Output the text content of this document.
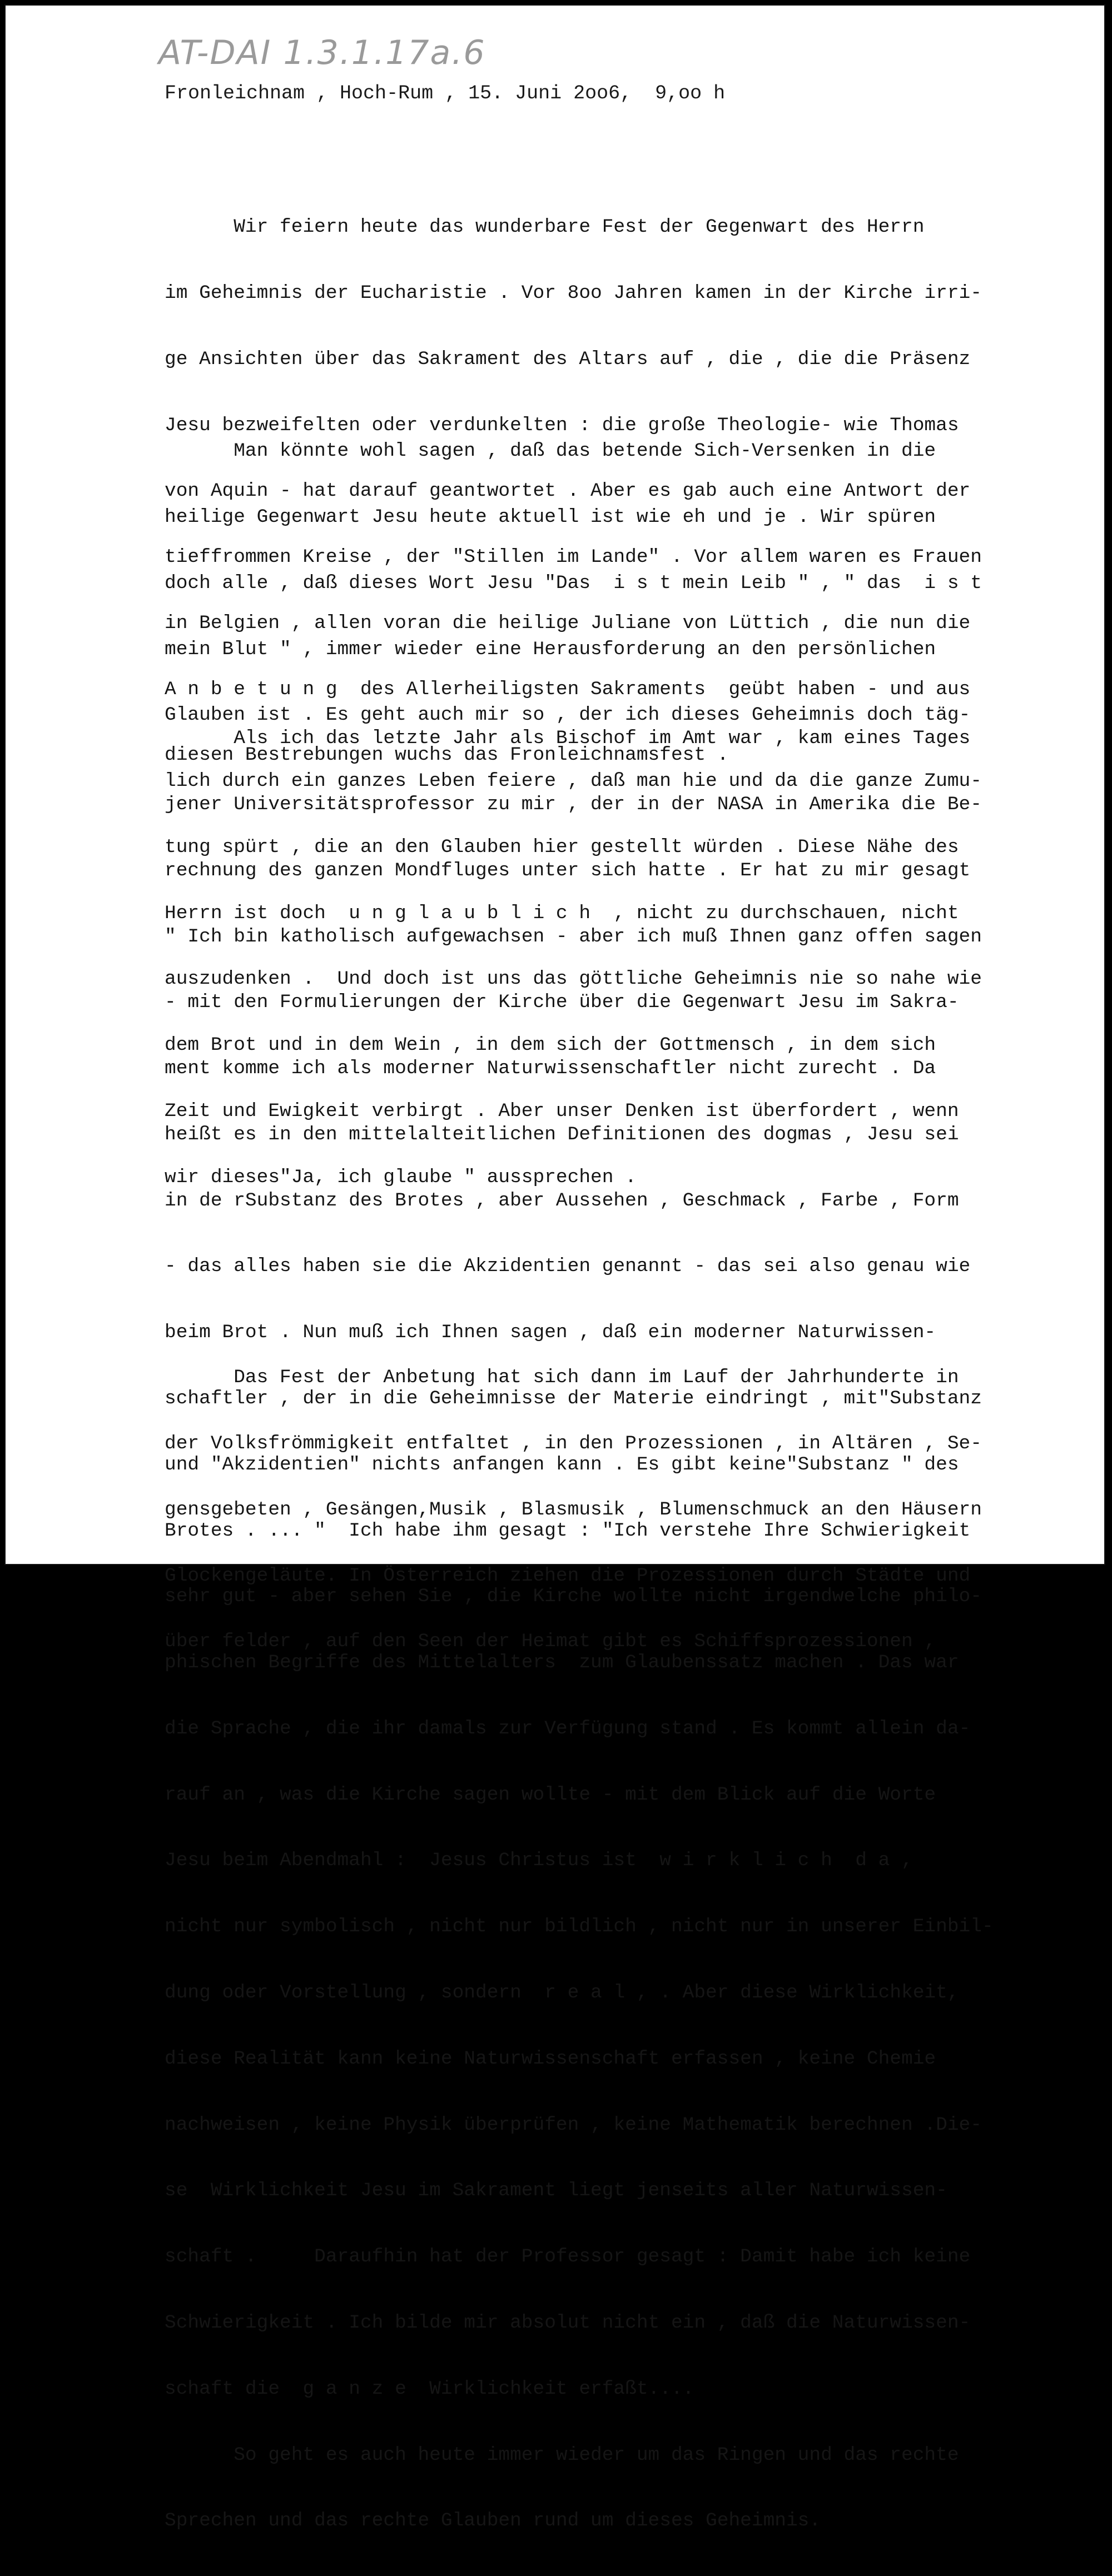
AT-DAI 1.3.1.17a.6
Fronleichnam , Hoch-Rum , 15. Juni 2oo6,  9,oo h

Wir feiern heute das wunderbare Fest der Gegenwart des Herrn

im Geheimnis der Eucharistie . Vor 8oo Jahren kamen in der Kirche irri-

ge Ansichten über das Sakrament des Altars auf , die , die die Präsenz

Jesu bezweifelten oder verdunkelten : die große Theologie- wie Thomas

von Aquin - hat darauf geantwortet . Aber es gab auch eine Antwort der

tieffrommen Kreise , der "Stillen im Lande" . Vor allem waren es Frauen

in Belgien , allen voran die heilige Juliane von Lüttich , die nun die

A n b e t u n g  des Allerheiligsten Sakraments  geübt haben - und aus

diesen Bestrebungen wuchs das Fronleichnamsfest .

Man könnte wohl sagen , daß das betende Sich-Versenken in die

heilige Gegenwart Jesu heute aktuell ist wie eh und je . Wir spüren

doch alle , daß dieses Wort Jesu "Das  i s t mein Leib " , " das  i s t

mein Blut " , immer wieder eine Herausforderung an den persönlichen

Glauben ist . Es geht auch mir so , der ich dieses Geheimnis doch täg-

lich durch ein ganzes Leben feiere , daß man hie und da die ganze Zumu-

tung spürt , die an den Glauben hier gestellt würden . Diese Nähe des

Herrn ist doch  u n g l a u b l i c h  , nicht zu durchschauen, nicht

auszudenken .  Und doch ist uns das göttliche Geheimnis nie so nahe wie

dem Brot und in dem Wein , in dem sich der Gottmensch , in dem sich

Zeit und Ewigkeit verbirgt . Aber unser Denken ist überfordert , wenn

wir dieses"Ja, ich glaube " aussprechen .

Als ich das letzte Jahr als Bischof im Amt war , kam eines Tages

jener Universitätsprofessor zu mir , der in der NASA in Amerika die Be-

rechnung des ganzen Mondfluges unter sich hatte . Er hat zu mir gesagt

" Ich bin katholisch aufgewachsen - aber ich muß Ihnen ganz offen sagen

- mit den Formulierungen der Kirche über die Gegenwart Jesu im Sakra-

ment komme ich als moderner Naturwissenschaftler nicht zurecht . Da

heißt es in den mittelalteitlichen Definitionen des dogmas , Jesu sei

in de rSubstanz des Brotes , aber Aussehen , Geschmack , Farbe , Form

- das alles haben sie die Akzidentien genannt - das sei also genau wie

beim Brot . Nun muß ich Ihnen sagen , daß ein moderner Naturwissen-

schaftler , der in die Geheimnisse der Materie eindringt , mit"Substanz

und "Akzidentien" nichts anfangen kann . Es gibt keine"Substanz " des

Brotes . ... "  Ich habe ihm gesagt : "Ich verstehe Ihre Schwierigkeit

sehr gut - aber sehen Sie , die Kirche wollte nicht irgendwelche philo-

phischen Begriffe des Mittelalters  zum Glaubenssatz machen . Das war

die Sprache , die ihr damals zur Verfügung stand . Es kommt allein da-

rauf an , was die Kirche sagen wollte - mit dem Blick auf die Worte

Jesu beim Abendmahl :  Jesus Christus ist  w i r k l i c h  d a ,

nicht nur symbolisch , nicht nur bildlich , nicht nur in unserer Einbil-

dung oder Vorstellung , sondern  r e a l , . Aber diese Wirklichkeit,

diese Realität kann keine Naturwissenschaft erfassen , keine Chemie

nachweisen , keine Physik überprüfen , keine Mathematik berechnen .Die-

se  Wirklichkeit Jesu im Sakrament liegt jenseits aller Naturwissen-

schaft .     Daraufhin hat der Professor gesagt : Damit habe ich keine

Schwierigkeit . Ich bilde mir absolut nicht ein , daß die Naturwissen-

schaft die  g a n z e  Wirklichkeit erfaßt....

So geht es auch heute immer wieder um das Ringen und das rechte

Sprechen und das rechte Glauben rund um dieses Geheimnis.

Das Fest der Anbetung hat sich dann im Lauf der Jahrhunderte in

der Volksfrömmigkeit entfaltet , in den Prozessionen , in Altären , Se-

gensgebeten , Gesängen,Musik , Blasmusik , Blumenschmuck an den Häusern

Glockengeläute. In Österreich ziehen die Prozessionen durch Städte und

über felder , auf den Seen der Heimat gibt es Schiffsprozessionen ,
